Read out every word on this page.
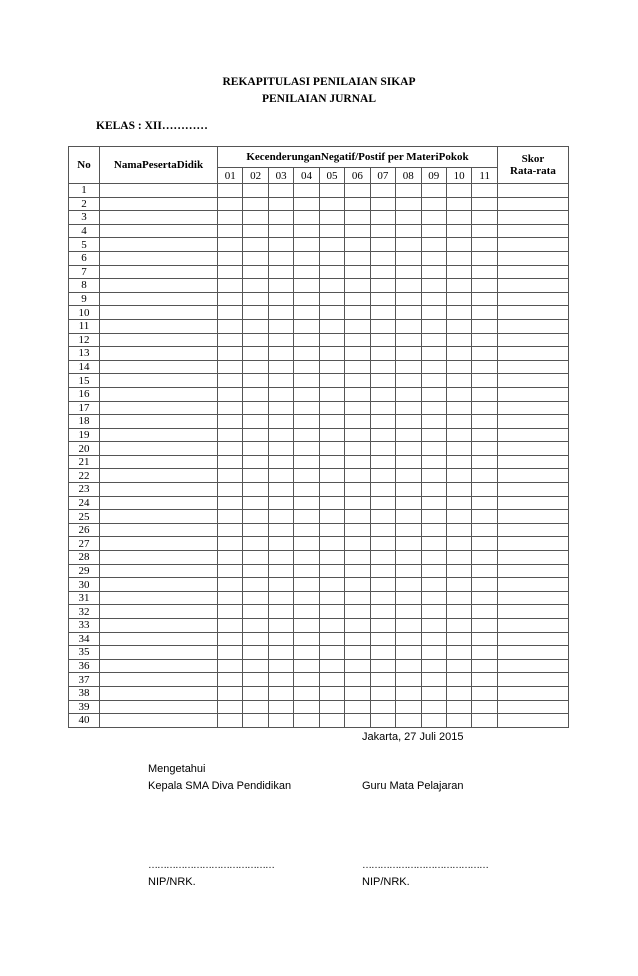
REKAPITULASI PENILAIAN SIKAP
PENILAIAN JURNAL
KELAS : XII…………
No	NamaPesertaDidik	KecenderunganNegatif/Postif per MateriPokok											Skor
Rata-rata

		01	02	03	04	05	06	07	08	09	10	11	
1													
2													
3													
4													
5													
6													
7													
8													
9													
10													
11													
12													
13													
14													
15													
16													
17													
18													
19													
20													
21													
22													
23													
24													
25													
26													
27													
28													
29													
30													
31													
32													
33													
34													
35													
36													
37													
38													
39													
40													
Jakarta, 27 Juli 2015
Mengetahui
Kepala SMA Diva Pendidikan	Guru Mata Pelajaran
……………………………………	……………………………………
NIP/NRK.	NIP/NRK.
